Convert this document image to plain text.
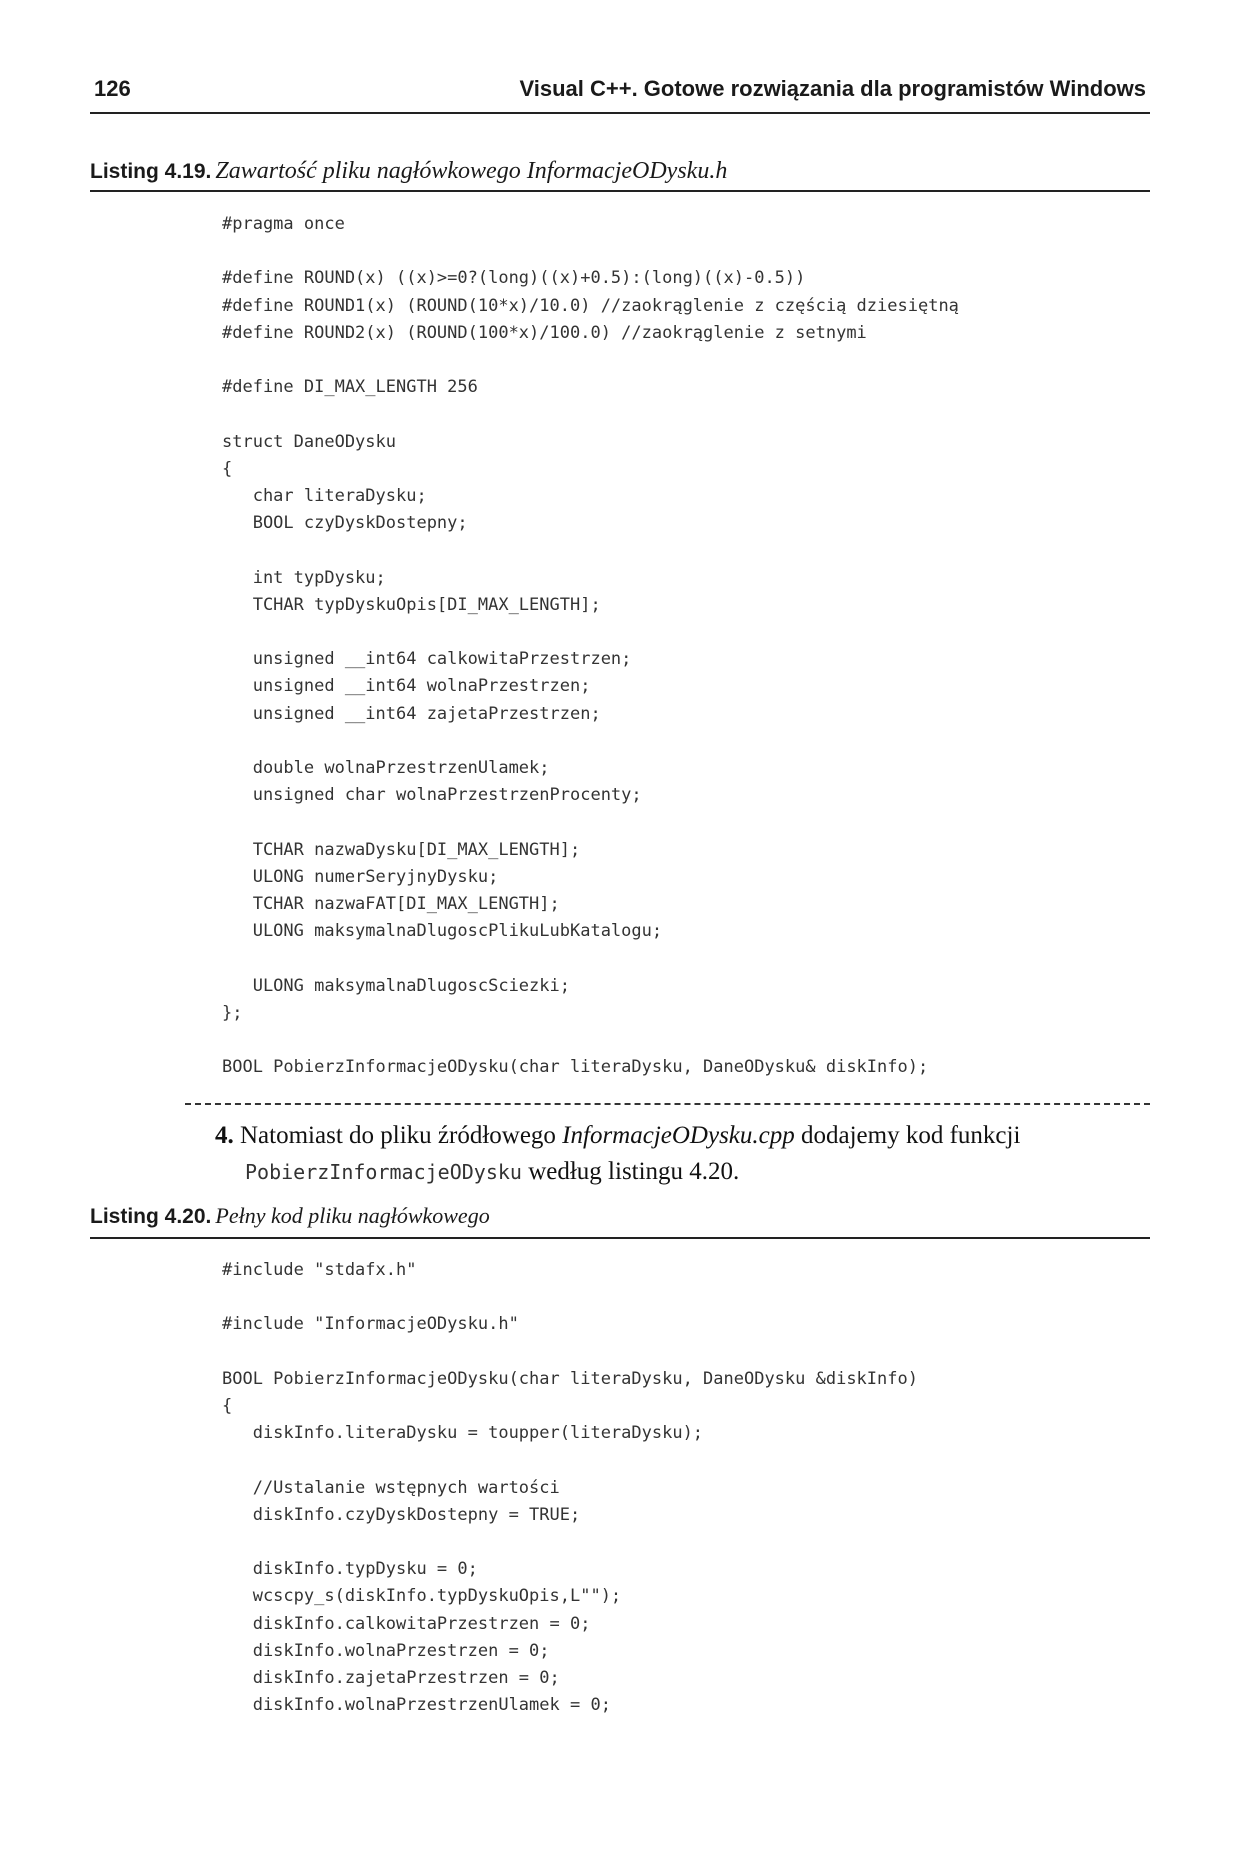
126	Visual C++. Gotowe rozwiązania dla programistów Windows
Listing 4.19. Zawartość pliku nagłówkowego InformacjeODysku.h
#pragma once

#define ROUND(x) ((x)>=0?(long)((x)+0.5):(long)((x)-0.5))
#define ROUND1(x) (ROUND(10*x)/10.0) //zaokrąglenie z częścią dziesiętną
#define ROUND2(x) (ROUND(100*x)/100.0) //zaokrąglenie z setnymi

#define DI_MAX_LENGTH 256

struct DaneODysku
{
char literaDysku;
BOOL czyDyskDostepny;

int typDysku;
TCHAR typDyskuOpis[DI_MAX_LENGTH];

unsigned __int64 calkowitaPrzestrzen;
unsigned __int64 wolnaPrzestrzen;
unsigned __int64 zajetaPrzestrzen;

double wolnaPrzestrzenUlamek;
unsigned char wolnaPrzestrzenProcenty;

TCHAR nazwaDysku[DI_MAX_LENGTH];
ULONG numerSeryjnyDysku;
TCHAR nazwaFAT[DI_MAX_LENGTH];
ULONG maksymalnaDlugoscPlikuLubKatalogu;

ULONG maksymalnaDlugoscSciezki;
};

BOOL PobierzInformacjeODysku(char literaDysku, DaneODysku& diskInfo);
4. Natomiast do pliku źródłowego InformacjeODysku.cpp dodajemy kod funkcji
PobierzInformacjeODysku według listingu 4.20.
Listing 4.20. Pełny kod pliku nagłówkowego
#include "stdafx.h"

#include "InformacjeODysku.h"

BOOL PobierzInformacjeODysku(char literaDysku, DaneODysku &diskInfo)
{
diskInfo.literaDysku = toupper(literaDysku);

//Ustalanie wstępnych wartości
diskInfo.czyDyskDostepny = TRUE;

diskInfo.typDysku = 0;
wcscpy_s(diskInfo.typDyskuOpis,L"");
diskInfo.calkowitaPrzestrzen = 0;
diskInfo.wolnaPrzestrzen = 0;
diskInfo.zajetaPrzestrzen = 0;
diskInfo.wolnaPrzestrzenUlamek = 0;
